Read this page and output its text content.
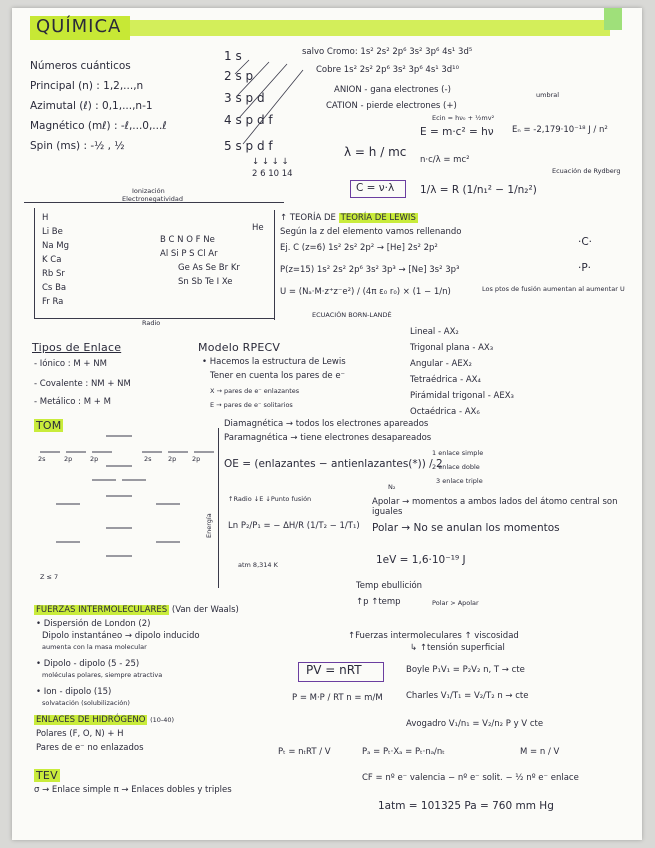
QUÍMICA
Números cuánticos
Principal (n) : 1,2,...,n
Azimutal (ℓ) : 0,1,...,n-1
Magnético (mℓ) : -ℓ,...0,...ℓ
Spin (ms) : -½ , ½
1 s
2 s p
3 s p d
4 s p d f
5 s p d f
↓ ↓ ↓ ↓
2 6 10 14
salvo Cromo: 1s² 2s² 2p⁶ 3s² 3p⁶ 4s¹ 3d⁵
Cobre 1s² 2s² 2p⁶ 3s² 3p⁶ 4s¹ 3d¹⁰
ANION - gana electrones (-)
CATION - pierde electrones (+)
umbral
Ecin = hν₀ + ½mv²
E = m·c² = hν
λ = h / mc
Eₙ = -2,179·10⁻¹⁸ J / n²
n·c/λ = mc²
C = ν·λ 1/λ = R (1/n₁² − 1/n₂²)
Ecuación de Rydberg
Ionización
Electronegatividad
H
Li Be
Na Mg
K Ca
Rb Sr
Cs Ba
Fr Ra
He
B C N O F Ne
Al Si P S Cl Ar
Ge As Se Br Kr
Sn Sb Te I Xe
Radio
↑ TEORÍA DE TEORÍA DE LEWIS
Según la z del elemento vamos rellenando
Ej. C (z=6) 1s² 2s² 2p² → [He] 2s² 2p²	·C·
P(z=15) 1s² 2s² 2p⁶ 3s² 3p³ → [Ne] 3s² 3p³	·P·
U = (Nₐ·M·z⁺z⁻e²) / (4π ε₀ r₀) × (1 − 1/n)
ECUACIÓN BORN-LANDÉ
Los ptos de fusión aumentan al aumentar U
Tipos de Enlace
- Iónico : M + NM
- Covalente : NM + NM
- Metálico : M + M
Modelo RPECV
• Hacemos la estructura de Lewis
Tener en cuenta los pares de e⁻
X → pares de e⁻ enlazantes
E → pares de e⁻ solitarios
Lineal - AX₂
Trigonal plana - AX₃
Angular - AEX₂
Tetraédrica - AX₄
Pirámidal trigonal - AEX₃
Octaédrica - AX₆
TOM
2s	2p	2p	2s	2p 2p
Z ≤ 7
Energía
Diamagnética → todos los electrones apareados
Paramagnética → tiene electrones desapareados
OE = (enlazantes − antienlazantes(*)) / 2
1 enlace simple
2 enlace doble
3 enlace triple
↑Radio ↓E ↓Punto fusión
N₂
Apolar → momentos a ambos lados del átomo central son iguales
Polar → No se anulan los momentos
Ln P₂/P₁ = − ΔH/R (1/T₂ − 1/T₁)
atm 8,314 K	1eV = 1,6·10⁻¹⁹ J
FUERZAS INTERMOLECULARES (Van der Waals)
• Dispersión de London (2)
Dipolo instantáneo → dipolo inducido
aumenta con la masa molecular
• Dipolo - dipolo (5 - 25)
moléculas polares, siempre atractiva
• Ion - dipolo (15)
solvatación (solubilización)
ENLACES DE HIDRÓGENO (10-40)
Polares (F, O, N) + H
Pares de e⁻ no enlazados
Temp ebullición
↑p ↑temp	Polar > Apolar
↑Fuerzas intermoleculares ↑ viscosidad
↳ ↑tensión superficial
PV = nRT	Boyle P₁V₁ = P₂V₂ n, T → cte
P = M·P / RT n = m/M	Charles V₁/T₁ = V₂/T₂ n → cte
Avogadro V₁/n₁ = V₂/n₂ P y V cte
Pₜ = nₜRT / V	Pₐ = Pₜ·Xₐ = Pₜ·nₐ/nₜ	M = n / V
CF = nº e⁻ valencia − nº e⁻ solit. − ½ nº e⁻ enlace
1atm = 101325 Pa = 760 mm Hg
TEV
σ → Enlace simple π → Enlaces dobles y triples
